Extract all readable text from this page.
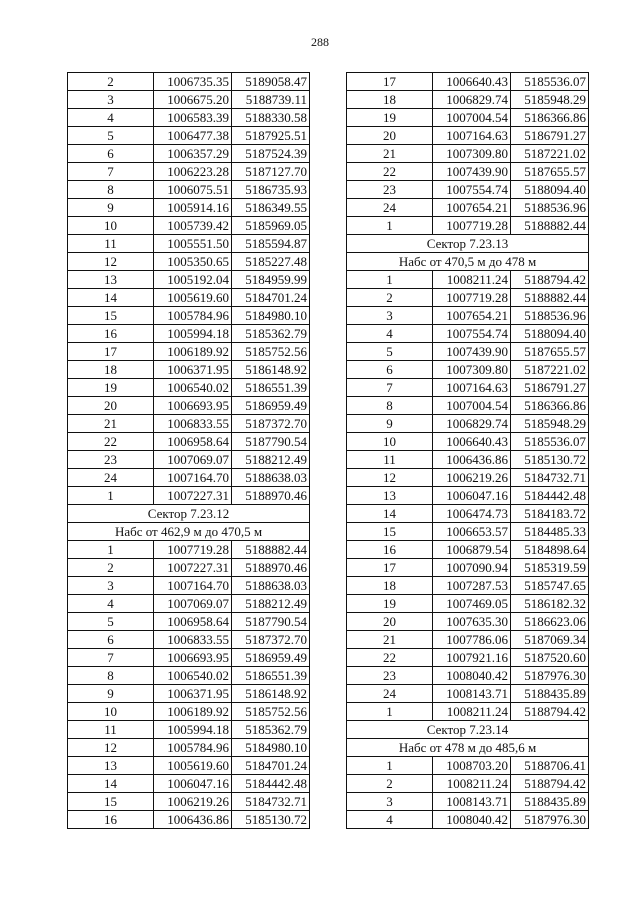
288
2	1006735.35	5189058.47
3	1006675.20	5188739.11
4	1006583.39	5188330.58
5	1006477.38	5187925.51
6	1006357.29	5187524.39
7	1006223.28	5187127.70
8	1006075.51	5186735.93
9	1005914.16	5186349.55
10	1005739.42	5185969.05
11	1005551.50	5185594.87
12	1005350.65	5185227.48
13	1005192.04	5184959.99
14	1005619.60	5184701.24
15	1005784.96	5184980.10
16	1005994.18	5185362.79
17	1006189.92	5185752.56
18	1006371.95	5186148.92
19	1006540.02	5186551.39
20	1006693.95	5186959.49
21	1006833.55	5187372.70
22	1006958.64	5187790.54
23	1007069.07	5188212.49
24	1007164.70	5188638.03
1	1007227.31	5188970.46
Сектор 7.23.12		
Набс от 462,9 м до 470,5 м		
1	1007719.28	5188882.44
2	1007227.31	5188970.46
3	1007164.70	5188638.03
4	1007069.07	5188212.49
5	1006958.64	5187790.54
6	1006833.55	5187372.70
7	1006693.95	5186959.49
8	1006540.02	5186551.39
9	1006371.95	5186148.92
10	1006189.92	5185752.56
11	1005994.18	5185362.79
12	1005784.96	5184980.10
13	1005619.60	5184701.24
14	1006047.16	5184442.48
15	1006219.26	5184732.71
16	1006436.86	5185130.72
17	1006640.43	5185536.07
18	1006829.74	5185948.29
19	1007004.54	5186366.86
20	1007164.63	5186791.27
21	1007309.80	5187221.02
22	1007439.90	5187655.57
23	1007554.74	5188094.40
24	1007654.21	5188536.96
1	1007719.28	5188882.44
Сектор 7.23.13		
Набс от 470,5 м до 478 м		
1	1008211.24	5188794.42
2	1007719.28	5188882.44
3	1007654.21	5188536.96
4	1007554.74	5188094.40
5	1007439.90	5187655.57
6	1007309.80	5187221.02
7	1007164.63	5186791.27
8	1007004.54	5186366.86
9	1006829.74	5185948.29
10	1006640.43	5185536.07
11	1006436.86	5185130.72
12	1006219.26	5184732.71
13	1006047.16	5184442.48
14	1006474.73	5184183.72
15	1006653.57	5184485.33
16	1006879.54	5184898.64
17	1007090.94	5185319.59
18	1007287.53	5185747.65
19	1007469.05	5186182.32
20	1007635.30	5186623.06
21	1007786.06	5187069.34
22	1007921.16	5187520.60
23	1008040.42	5187976.30
24	1008143.71	5188435.89
1	1008211.24	5188794.42
Сектор 7.23.14		
Набс от 478 м до 485,6 м		
1	1008703.20	5188706.41
2	1008211.24	5188794.42
3	1008143.71	5188435.89
4	1008040.42	5187976.30
